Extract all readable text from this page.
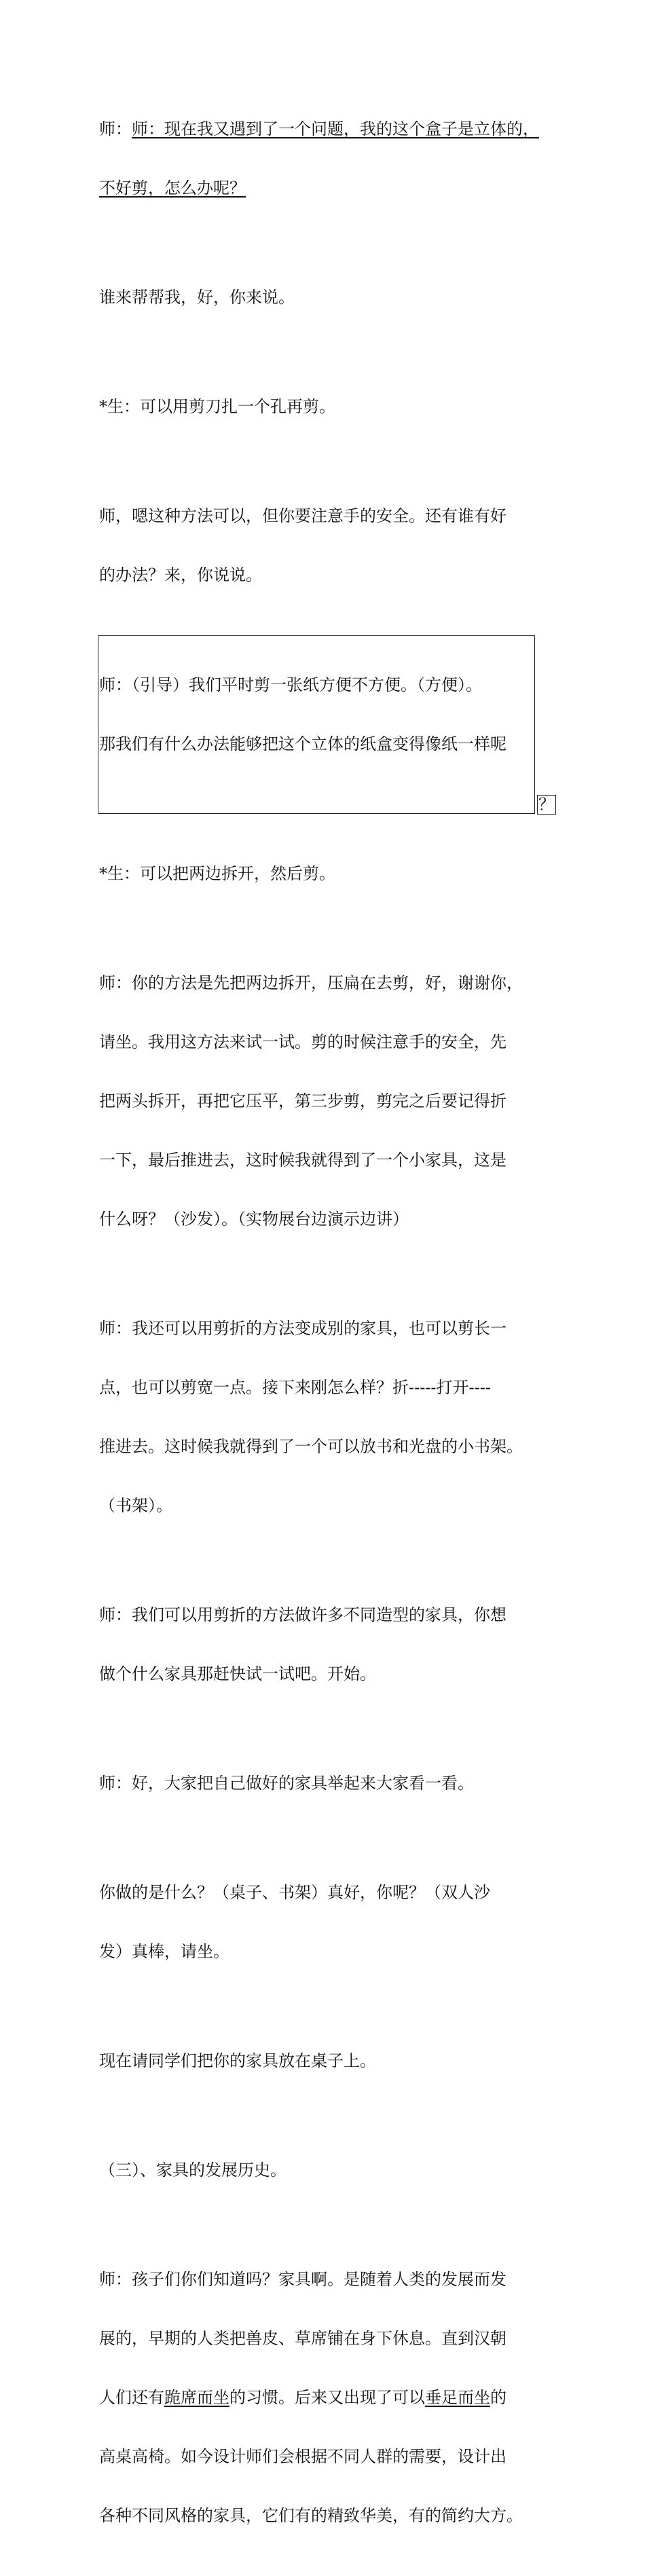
师：师：现在我又遇到了一个问题，我的这个盒子是立体的，

不好剪，怎么办呢？

谁来帮帮我，好，你来说。

*生：可以用剪刀扎一个孔再剪。

师，嗯这种方法可以，但你要注意手的安全。还有谁有好

的办法？来，你说说。

师：（引导）我们平时剪一张纸方便不方便。（方便）。

那我们有什么办法能够把这个立体的纸盒变得像纸一样呢

？

*生：可以把两边拆开，然后剪。

师：你的方法是先把两边拆开，压扁在去剪，好，谢谢你，

请坐。我用这方法来试一试。剪的时候注意手的安全，先

把两头拆开，再把它压平，第三步剪，剪完之后要记得折

一下，最后推进去，这时候我就得到了一个小家具，这是

什么呀？（沙发）。（实物展台边演示边讲）

师：我还可以用剪折的方法变成别的家具，也可以剪长一

点，也可以剪宽一点。接下来刚怎么样？折-----打开----

推进去。这时候我就得到了一个可以放书和光盘的小书架。

（书架）。

师：我们可以用剪折的方法做许多不同造型的家具，你想

做个什么家具那赶快试一试吧。开始。

师：好，大家把自己做好的家具举起来大家看一看。

你做的是什么？（桌子、书架）真好，你呢？（双人沙

发）真棒，请坐。

现在请同学们把你的家具放在桌子上。

（三）、家具的发展历史。

师：孩子们你们知道吗？家具啊。是随着人类的发展而发

展的，早期的人类把兽皮、草席铺在身下休息。直到汉朝

人们还有跪席而坐的习惯。后来又出现了可以垂足而坐的

高桌高椅。如今设计师们会根据不同人群的需要，设计出

各种不同风格的家具，它们有的精致华美，有的简约大方。
